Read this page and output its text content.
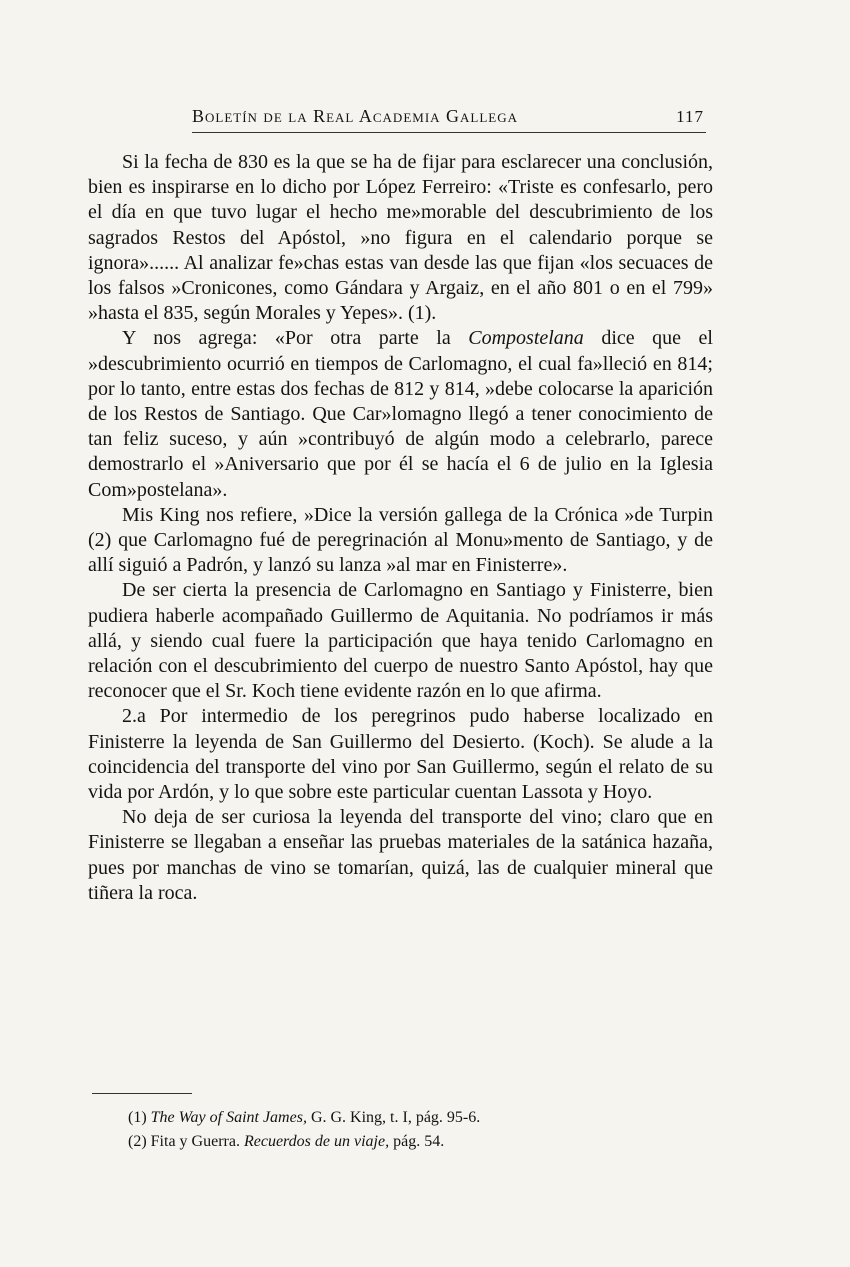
Boletín de la Real Academia Gallega	117

Si la fecha de 830 es la que se ha de fijar para esclarecer una conclusión, bien es inspirarse en lo dicho por López Ferreiro: «Triste es confesarlo, pero el día en que tuvo lugar el hecho me»morable del descubrimiento de los sagrados Restos del Apóstol, »no figura en el calendario porque se ignora»...... Al analizar fe»chas estas van desde las que fijan «los secuaces de los falsos »Cronicones, como Gándara y Argaiz, en el año 801 o en el 799» »hasta el 835, según Morales y Yepes». (1).

Y nos agrega: «Por otra parte la Compostelana dice que el »descubrimiento ocurrió en tiempos de Carlomagno, el cual fa»lleció en 814; por lo tanto, entre estas dos fechas de 812 y 814, »debe colocarse la aparición de los Restos de Santiago. Que Car»lomagno llegó a tener conocimiento de tan feliz suceso, y aún »contribuyó de algún modo a celebrarlo, parece demostrarlo el »Aniversario que por él se hacía el 6 de julio en la Iglesia Com»postelana».

Mis King nos refiere, »Dice la versión gallega de la Crónica »de Turpin (2) que Carlomagno fué de peregrinación al Monu»mento de Santiago, y de allí siguió a Padrón, y lanzó su lanza »al mar en Finisterre».

De ser cierta la presencia de Carlomagno en Santiago y Finisterre, bien pudiera haberle acompañado Guillermo de Aquitania. No podríamos ir más allá, y siendo cual fuere la participación que haya tenido Carlomagno en relación con el descubrimiento del cuerpo de nuestro Santo Apóstol, hay que reconocer que el Sr. Koch tiene evidente razón en lo que afirma.

2.a Por intermedio de los peregrinos pudo haberse localizado en Finisterre la leyenda de San Guillermo del Desierto. (Koch). Se alude a la coincidencia del transporte del vino por San Guillermo, según el relato de su vida por Ardón, y lo que sobre este particular cuentan Lassota y Hoyo.

No deja de ser curiosa la leyenda del transporte del vino; claro que en Finisterre se llegaban a enseñar las pruebas materiales de la satánica hazaña, pues por manchas de vino se tomarían, quizá, las de cualquier mineral que tiñera la roca.

(1) The Way of Saint James, G. G. King, t. I, pág. 95-6.
(2) Fita y Guerra. Recuerdos de un viaje, pág. 54.
